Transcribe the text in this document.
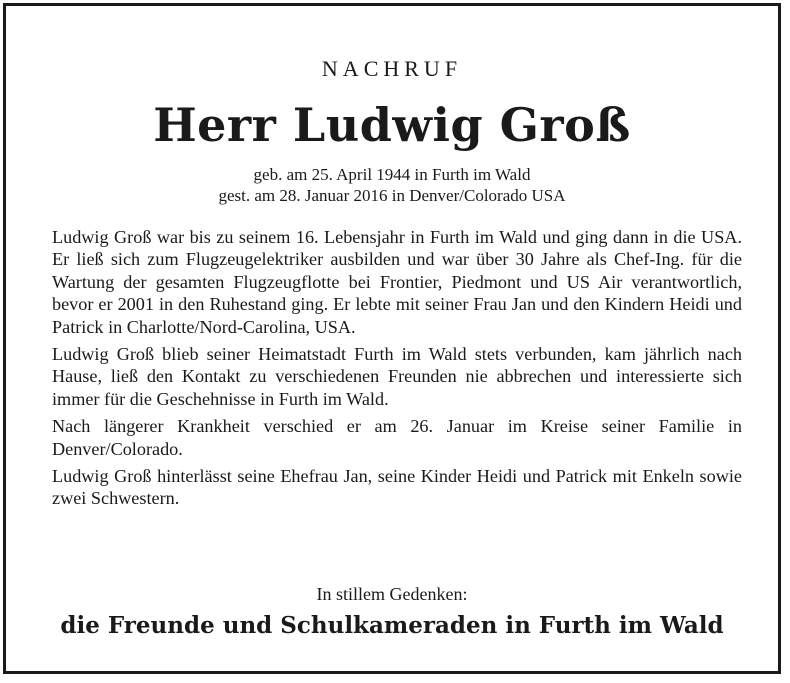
NACHRUF
Herr Ludwig Groß
geb. am 25. April 1944 in Furth im Wald
gest. am 28. Januar 2016 in Denver/Colorado USA

Ludwig Groß war bis zu seinem 16. Lebensjahr in Furth im Wald und ging dann in die USA. Er ließ sich zum Flugzeugelektriker ausbilden und war über 30 Jahre als Chef-Ing. für die Wartung der gesamten Flugzeugflotte bei Frontier, Piedmont und US Air verantwortlich, bevor er 2001 in den Ruhestand ging. Er lebte mit seiner Frau Jan und den Kindern Heidi und Patrick in Charlotte/Nord-Carolina, USA.

Ludwig Groß blieb seiner Heimatstadt Furth im Wald stets verbunden, kam jährlich nach Hause, ließ den Kontakt zu verschiedenen Freunden nie abbrechen und interessierte sich immer für die Geschehnisse in Furth im Wald.

Nach längerer Krankheit verschied er am 26. Januar im Kreise seiner Familie in Denver/Colorado.

Ludwig Groß hinterlässt seine Ehefrau Jan, seine Kinder Heidi und Patrick mit Enkeln sowie zwei Schwestern.

In stillem Gedenken:
die Freunde und Schulkameraden in Furth im Wald
